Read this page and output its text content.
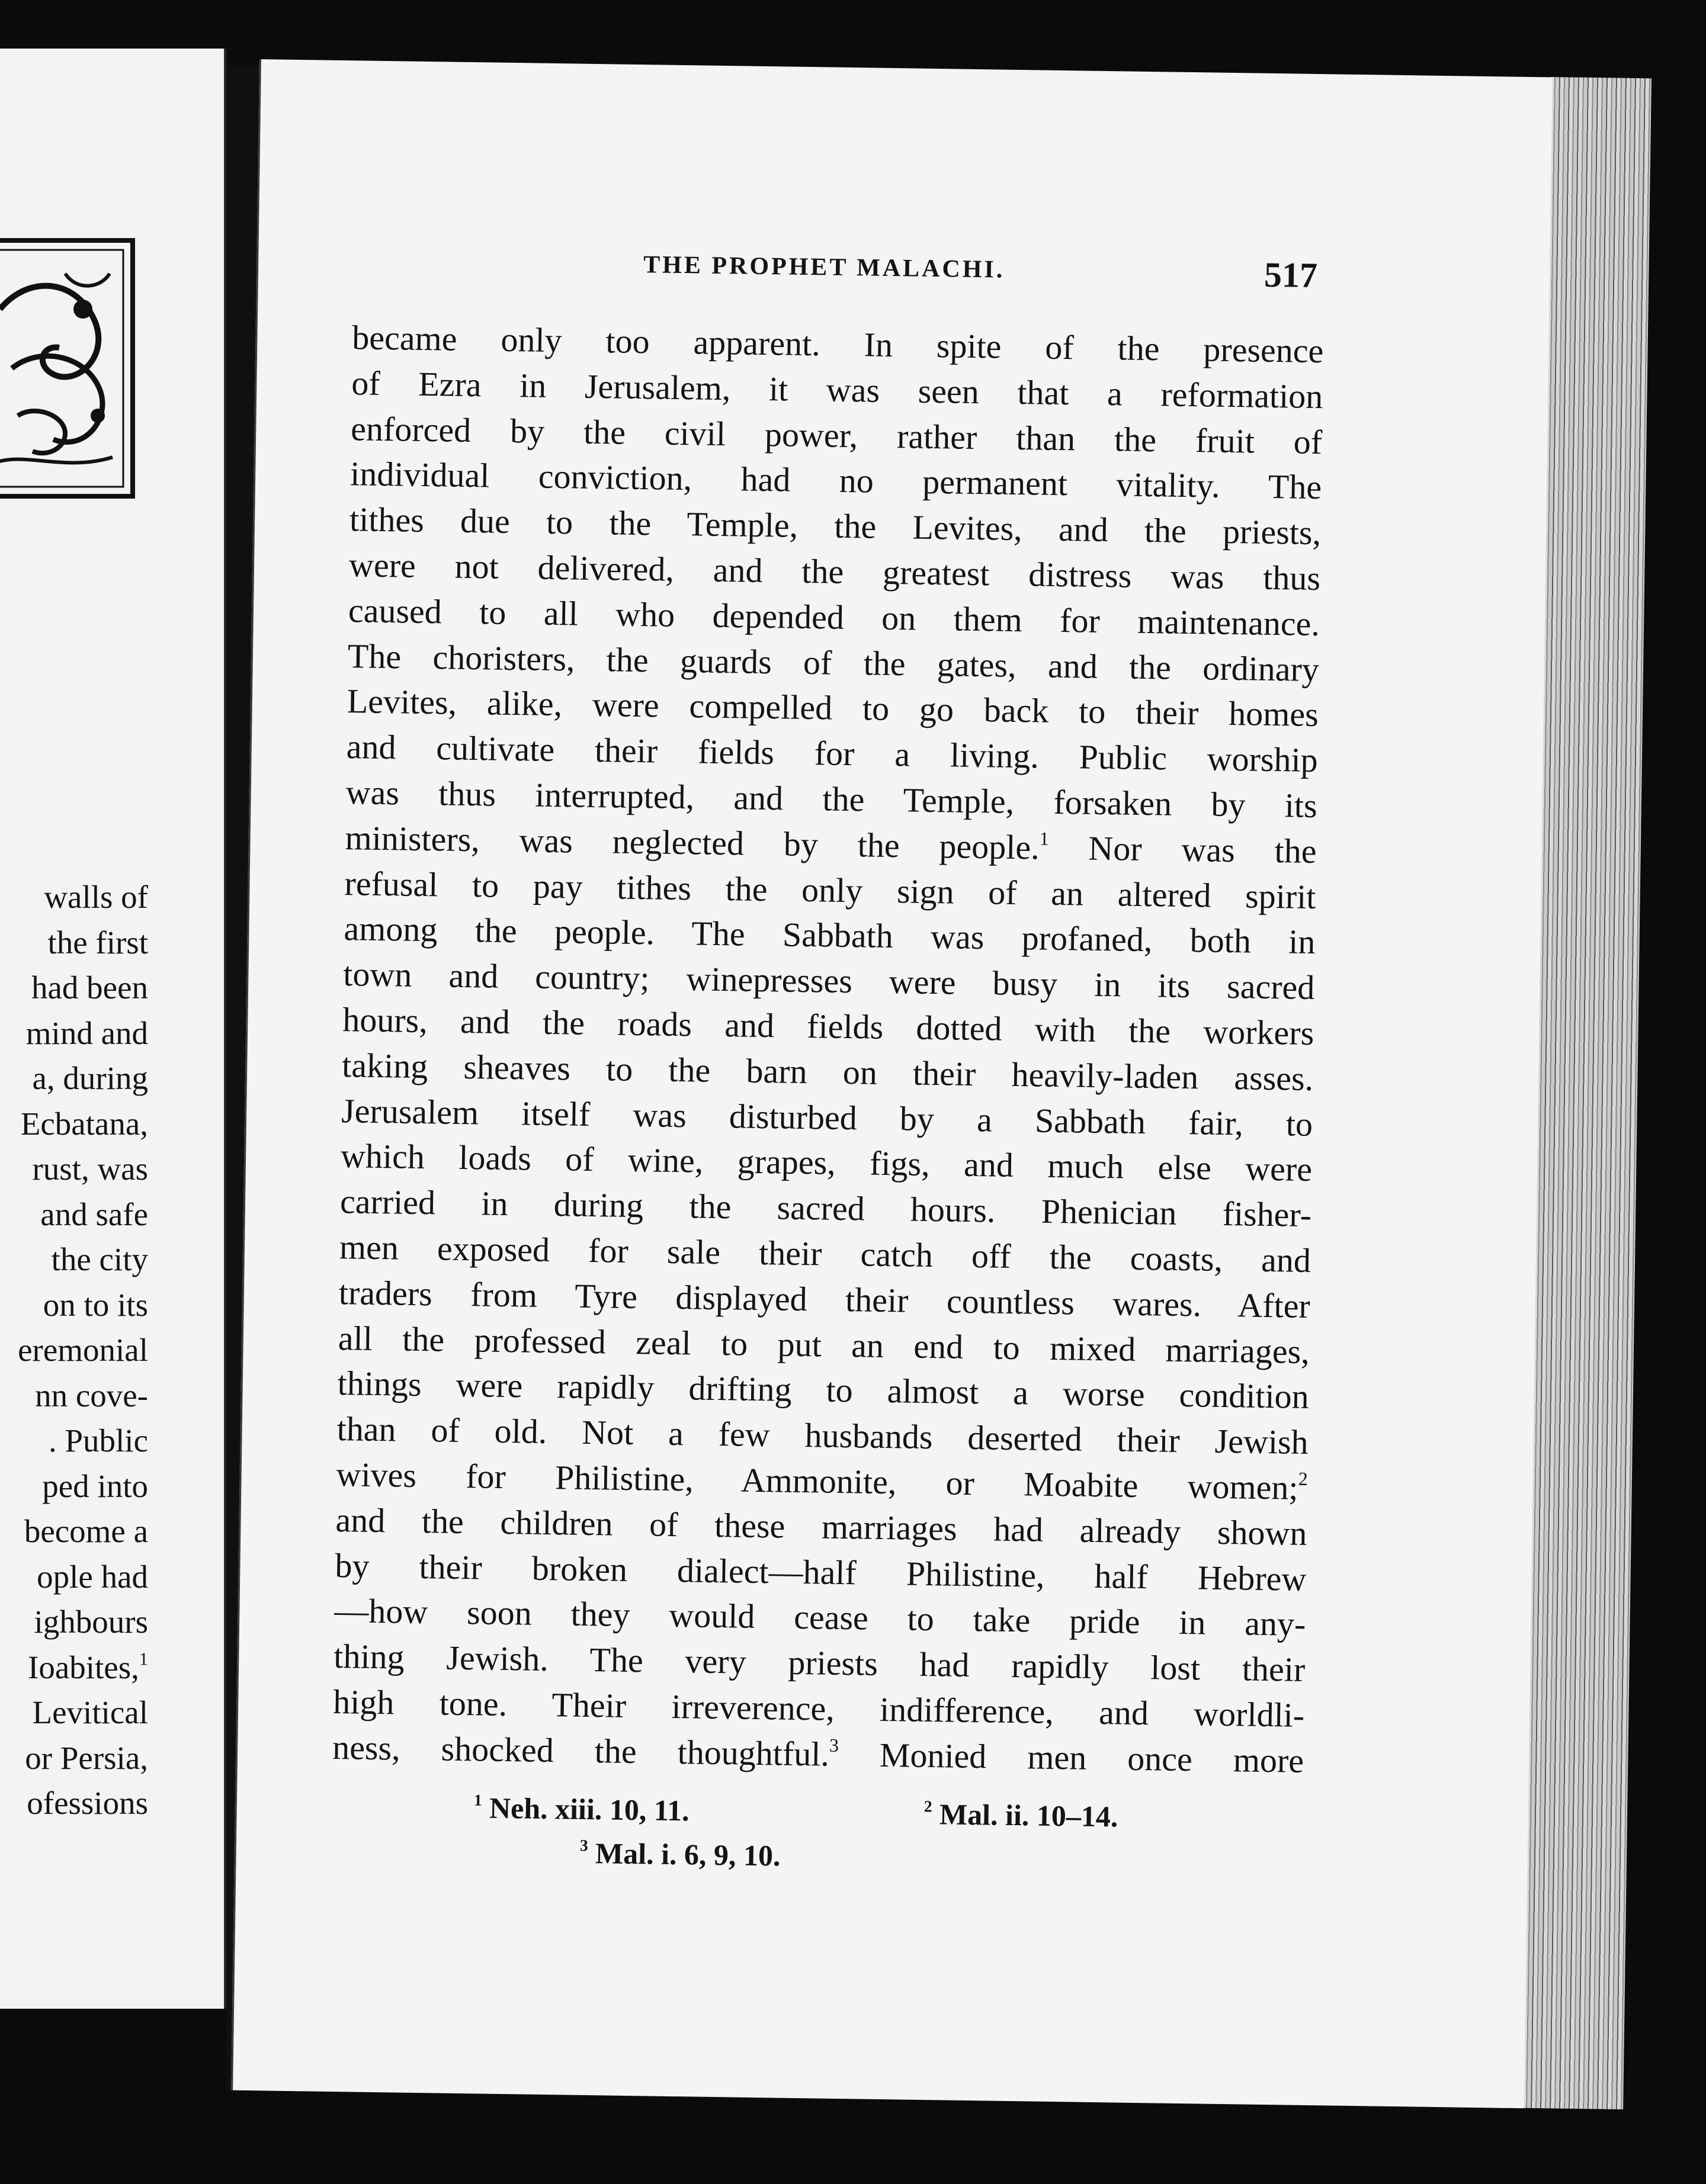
walls of
the first
had been
mind and
a, during
Ecbatana,
rust, was
and safe
the city
on to its
eremonial
nn cove-
. Public
ped into
become a
ople had
ighbours
Ioabites,$^1$
Levitical
or Persia,
ofessions
THE PROPHET MALACHI.	517
became only too apparent. In spite of the presence
of Ezra in Jerusalem, it was seen that a reformation
enforced by the civil power, rather than the fruit of
individual conviction, had no permanent vitality. The
tithes due to the Temple, the Levites, and the priests,
were not delivered, and the greatest distress was thus
caused to all who depended on them for maintenance.
The choristers, the guards of the gates, and the ordinary
Levites, alike, were compelled to go back to their homes
and cultivate their fields for a living. Public worship
was thus interrupted, and the Temple, forsaken by its
ministers, was neglected by the people.$^1$ Nor was the
refusal to pay tithes the only sign of an altered spirit
among the people. The Sabbath was profaned, both in
town and country; winepresses were busy in its sacred
hours, and the roads and fields dotted with the workers
taking sheaves to the barn on their heavily-laden asses.
Jerusalem itself was disturbed by a Sabbath fair, to
which loads of wine, grapes, figs, and much else were
carried in during the sacred hours. Phenician fisher-
men exposed for sale their catch off the coasts, and
traders from Tyre displayed their countless wares. After
all the professed zeal to put an end to mixed marriages,
things were rapidly drifting to almost a worse condition
than of old. Not a few husbands deserted their Jewish
wives for Philistine, Ammonite, or Moabite women;$^2$
and the children of these marriages had already shown
by their broken dialect—half Philistine, half Hebrew
—how soon they would cease to take pride in any-
thing Jewish. The very priests had rapidly lost their
high tone. Their irreverence, indifference, and worldli-
ness, shocked the thoughtful.$^3$ Monied men once more
$^1$ Neh. xiii. 10, 11.	$^2$ Mal. ii. 10–14.
$^3$ Mal. i. 6, 9, 10.
